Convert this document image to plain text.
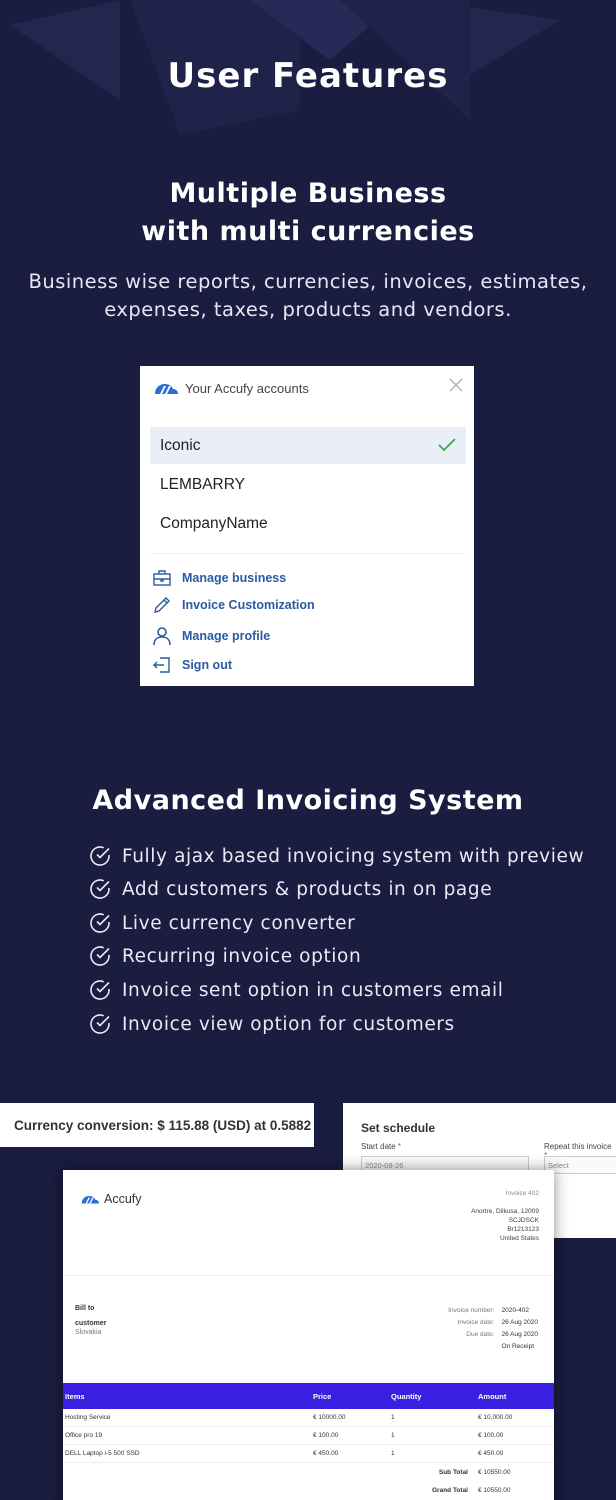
User Features
Multiple Business
with multi currencies
Business wise reports, currencies, invoices, estimates, expenses, taxes, products and vendors.
Your Accufy accounts
Iconic
LEMBARRY
CompanyName
Manage business
Invoice Customization
Manage profile
Sign out
Advanced Invoicing System
Fully ajax based invoicing system with preview
Add customers & products in on page
Live currency converter
Recurring invoice option
Invoice sent option in customers email
Invoice view option for customers
Currency conversion: $ 115.88 (USD) at 0.5882	Set schedule
Start date *
2020-08-26
Repeat this invoice
Select
Accufy	Invoice 402
Anortre, Dilkusa, 12009
SCJDSCK
Br1213123
United States
Bill to
customer
Slovakia
Invoice number:	2020-402
Invoice date:	26 Aug 2020
Due date:	26 Aug 2020
	On Receipt
Items	Price	Quantity	Amount
Hosting Service	€ 10000.00	1	€ 10,000.00
Office pro 19	€ 100.00	1	€ 100.00
DELL Laptop i-5 500 SSD	€ 450.00	1	€ 450.00
Sub Total € 10550.00
Grand Total € 10550.00
